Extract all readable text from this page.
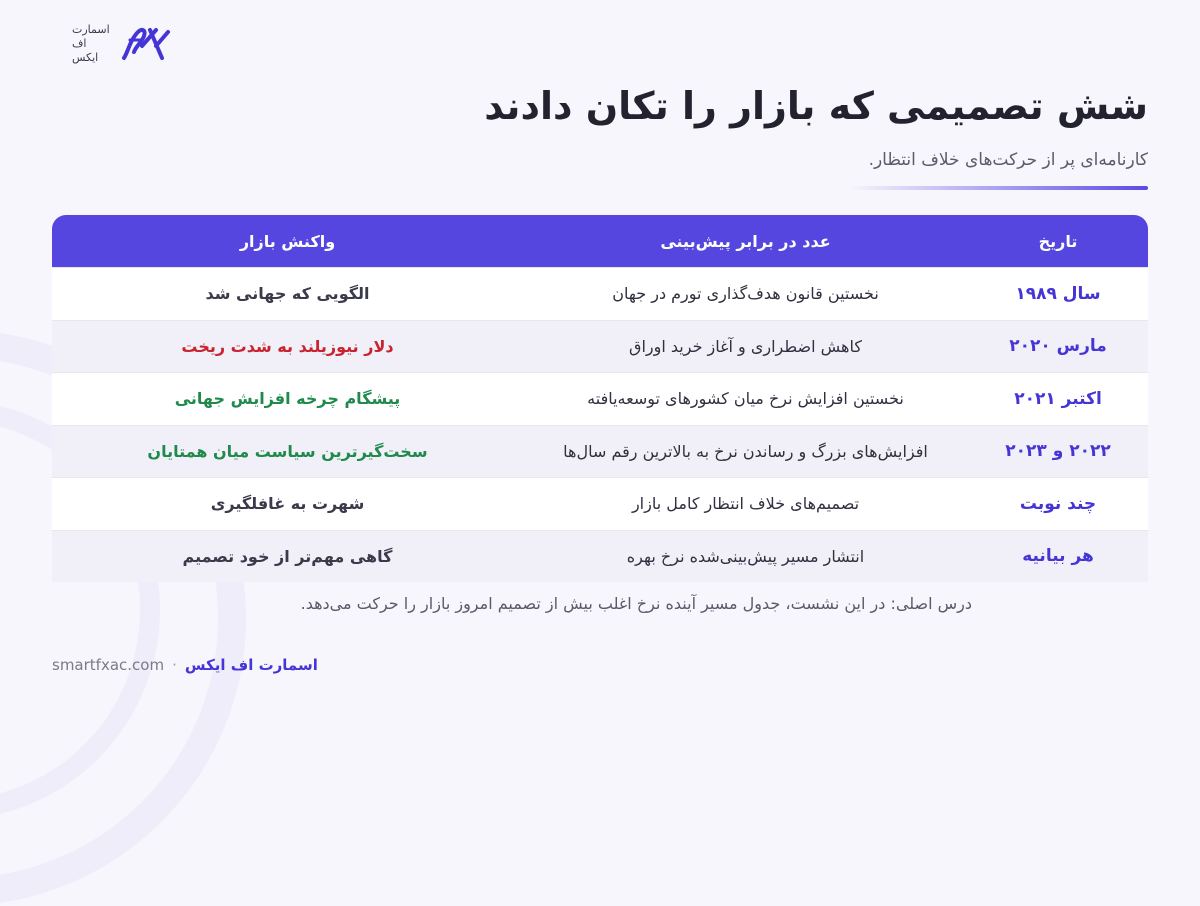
اسمارت
اف
ایکس
شش تصمیمی که بازار را تکان دادند

کارنامه‌ای پر از حرکت‌های خلاف انتظار.

تاریخ
عدد در برابر پیش‌بینی
واکنش بازار
سال ۱۹۸۹
نخستین قانون هدف‌گذاری تورم در جهان
الگویی که جهانی شد
مارس ۲۰۲۰
کاهش اضطراری و آغاز خرید اوراق
دلار نیوزیلند به شدت ریخت
اکتبر ۲۰۲۱
نخستین افزایش نرخ میان کشورهای توسعه‌یافته
پیشگام چرخه افزایش جهانی
۲۰۲۲ و ۲۰۲۳
افزایش‌های بزرگ و رساندن نرخ به بالاترین رقم سال‌ها
سخت‌گیرترین سیاست میان همتایان
چند نوبت
تصمیم‌های خلاف انتظار کامل بازار
شهرت به غافلگیری
هر بیانیه
انتشار مسیر پیش‌بینی‌شده نرخ بهره
گاهی مهم‌تر از خود تصمیم

درس اصلی: در این نشست، جدول مسیر آینده نرخ اغلب بیش از تصمیم امروز بازار را حرکت می‌دهد.

smartfxac.com · اسمارت اف ایکس
